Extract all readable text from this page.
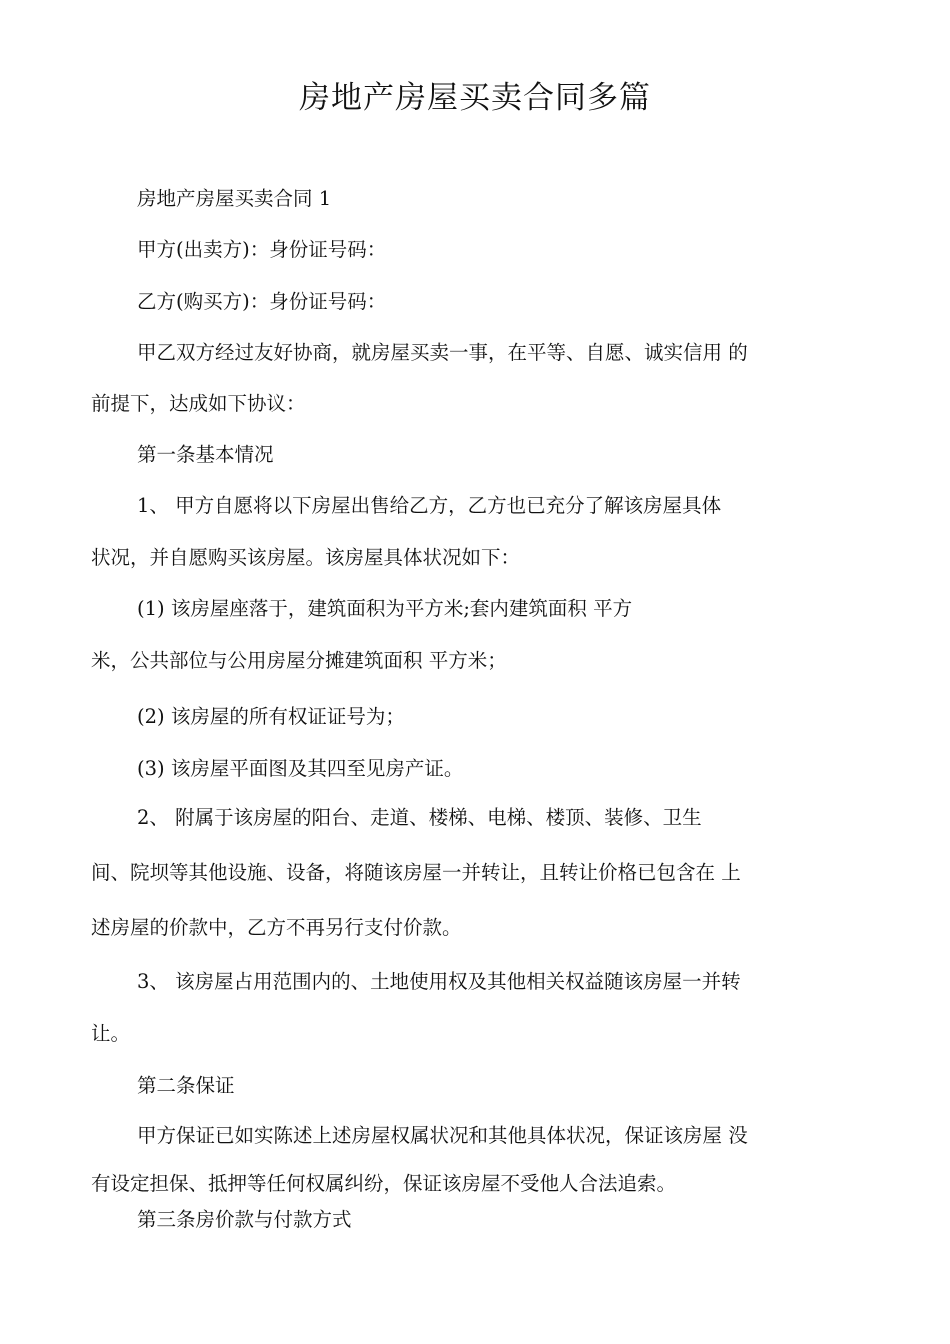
房地产房屋买卖合同多篇
房地产房屋买卖合同 1
甲方(出卖方)：身份证号码：
乙方(购买方)：身份证号码：
甲乙双方经过友好协商，就房屋买卖一事，在平等、自愿、诚实信用 的
前提下，达成如下协议：
第一条基本情况
1、 甲方自愿将以下房屋出售给乙方，乙方也已充分了解该房屋具体
状况，并自愿购买该房屋。该房屋具体状况如下：
(1) 该房屋座落于，建筑面积为平方米;套内建筑面积 平方
米，公共部位与公用房屋分摊建筑面积 平方米；
(2) 该房屋的所有权证证号为；
(3) 该房屋平面图及其四至见房产证。
2、 附属于该房屋的阳台、走道、楼梯、电梯、楼顶、装修、卫生
间、院坝等其他设施、设备，将随该房屋一并转让，且转让价格已包含在 上
述房屋的价款中，乙方不再另行支付价款。
3、 该房屋占用范围内的、土地使用权及其他相关权益随该房屋一并转
让。
第二条保证
甲方保证已如实陈述上述房屋权属状况和其他具体状况，保证该房屋 没
有设定担保、抵押等任何权属纠纷，保证该房屋不受他人合法追索。
第三条房价款与付款方式
